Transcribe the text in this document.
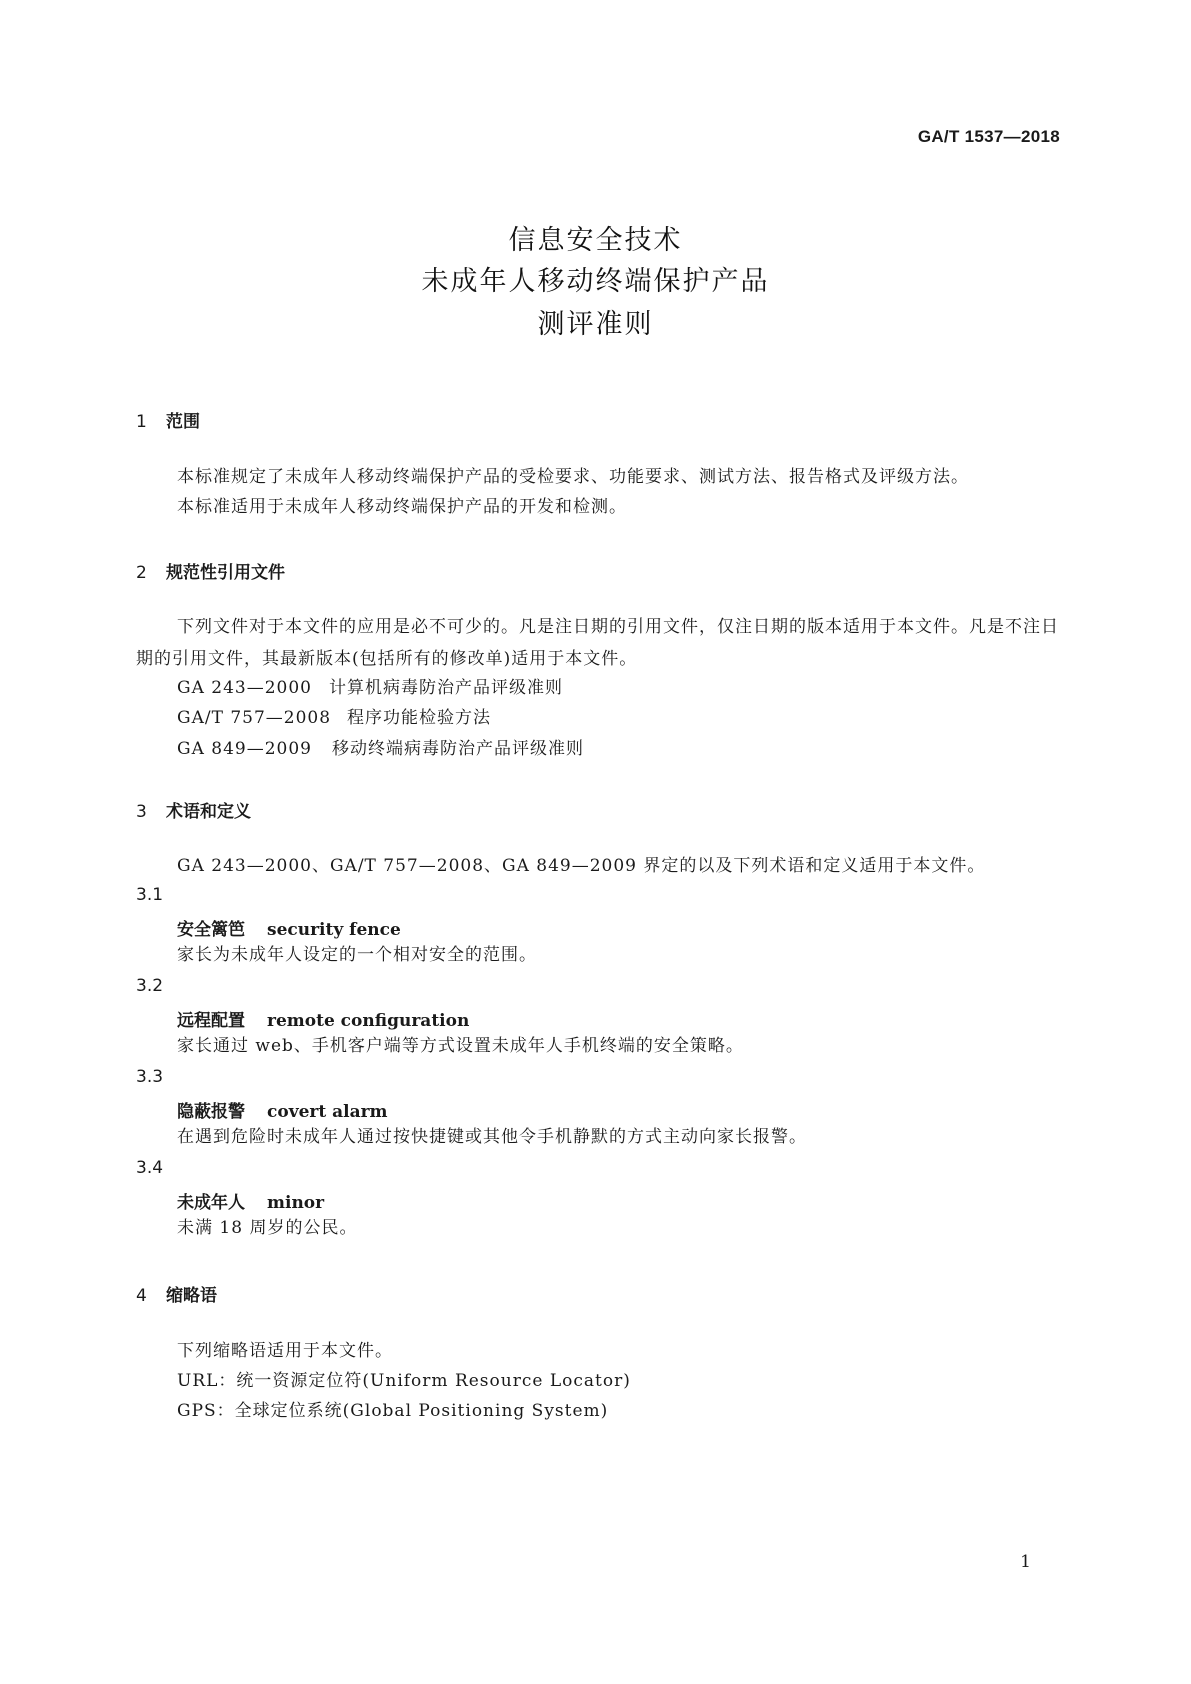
GA/T 1537—2018
信息安全技术
未成年人移动终端保护产品
测评准则
1 范围
本标准规定了未成年人移动终端保护产品的受检要求、功能要求、测试方法、报告格式及评级方法。
本标准适用于未成年人移动终端保护产品的开发和检测。
2 规范性引用文件
下列文件对于本文件的应用是必不可少的。凡是注日期的引用文件，仅注日期的版本适用于本文件。凡是不注日期的引用文件，其最新版本(包括所有的修改单)适用于本文件。
GA 243—2000 计算机病毒防治产品评级准则
GA/T 757—2008 程序功能检验方法
GA 849—2009 移动终端病毒防治产品评级准则
3 术语和定义
GA 243—2000、GA/T 757—2008、GA 849—2009 界定的以及下列术语和定义适用于本文件。
3.1
安全篱笆 security fence
家长为未成年人设定的一个相对安全的范围。
3.2
远程配置 remote configuration
家长通过 web、手机客户端等方式设置未成年人手机终端的安全策略。
3.3
隐蔽报警 covert alarm
在遇到危险时未成年人通过按快捷键或其他令手机静默的方式主动向家长报警。
3.4
未成年人 minor
未满 18 周岁的公民。
4 缩略语
下列缩略语适用于本文件。
URL：统一资源定位符(Uniform Resource Locator)
GPS：全球定位系统(Global Positioning System)
1
